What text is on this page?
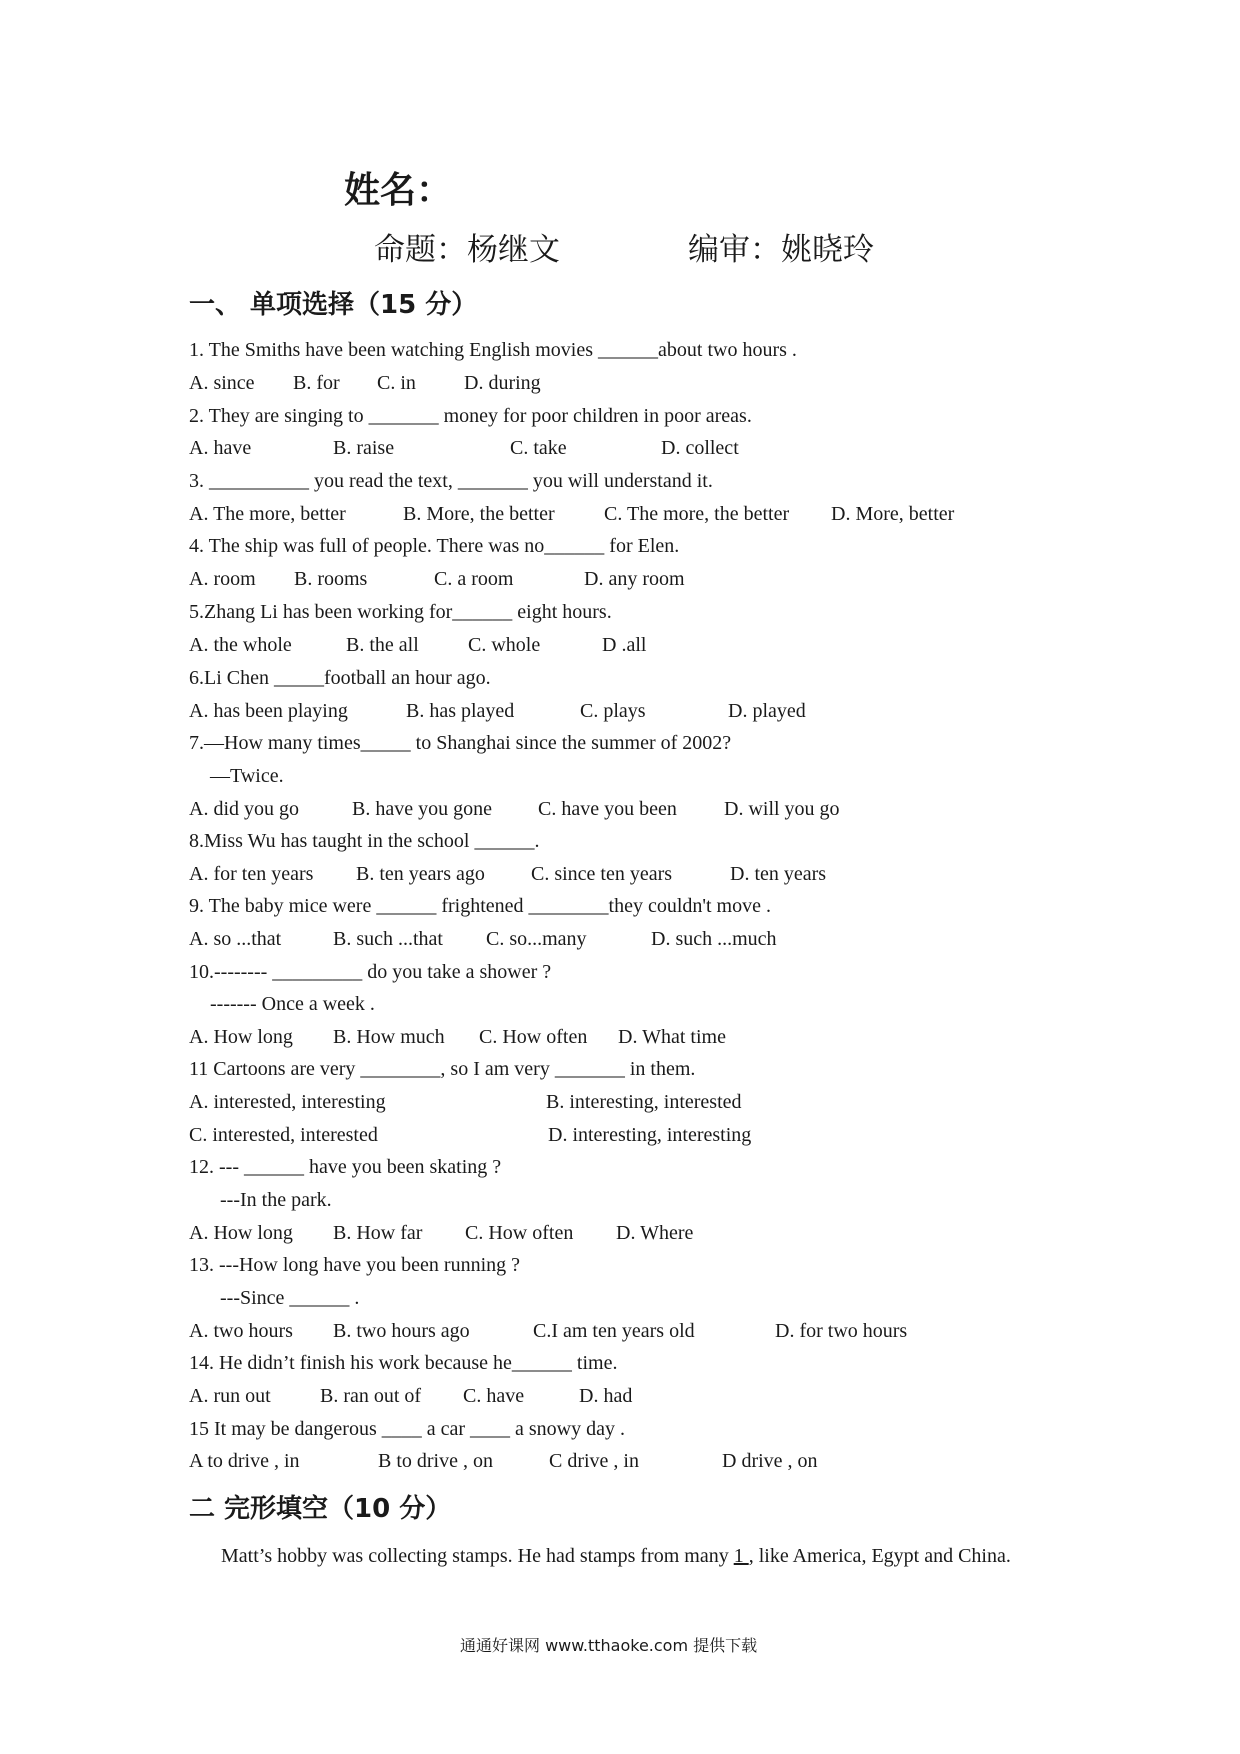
姓名：
命题：杨继文	编审：姚晓玲
一、 单项选择（15 分）
1. The Smiths have been watching English movies ______about two hours .
A. since B. for C. in D. during
2. They are singing to _______ money for poor children in poor areas.
A. have	B. raise	C. take	D. collect
3. __________ you read the text, _______ you will understand it.
A. The more, better	B. More, the better C. The more, the better D. More, better
4. The ship was full of people. There was no______ for Elen.
A. room B. rooms	C. a room	D. any room
5.Zhang Li has been working for______ eight hours.
A. the whole	B. the all C. whole	D .all
6.Li Chen _____football an hour ago.
A. has been playing	B. has played	C. plays	D. played
7.—How many times_____ to Shanghai since the summer of 2002?
—Twice.
A. did you go	B. have you gone C. have you been D. will you go
8.Miss Wu has taught in the school ______.
A. for ten years B. ten years ago C. since ten years	D. ten years
9. The baby mice were ______ frightened ________they couldn't move .
A. so ...that	B. such ...that C. so...many	D. such ...much
10.-------- _________ do you take a shower ?
------- Once a week .
A. How long B. How much C. How often D. What time
11 Cartoons are very ________, so I am very _______ in them.
A. interested, interesting	B. interesting, interested
C. interested, interested	D. interesting, interesting
12. --- ______ have you been skating ?
---In the park.
A. How long B. How far C. How often D. Where
13. ---How long have you been running ?
---Since ______ .
A. two hours B. two hours ago	C.I am ten years old	D. for two hours
14. He didn’t finish his work because he______ time.
A. run out B. ran out of C. have	D. had
15 It may be dangerous ____ a car ____ a snowy day .
A to drive , in	B to drive , on	C drive , in	D drive , on
二 完形填空（10 分）
Matt’s hobby was collecting stamps. He had stamps from many 1 , like America, Egypt and China.
通通好课网 www.tthaoke.com 提供下载
